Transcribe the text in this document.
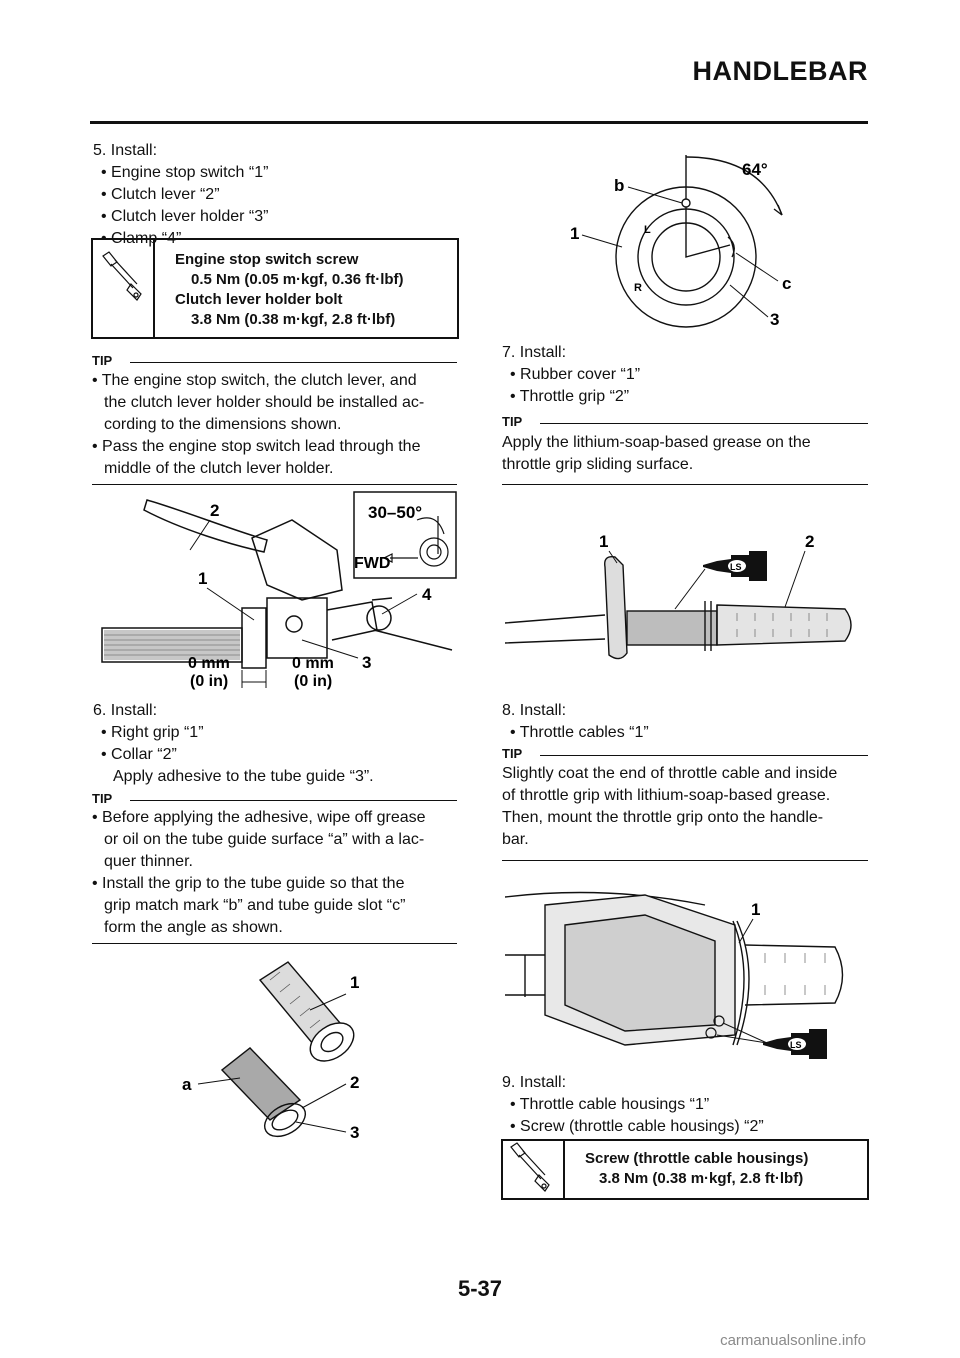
HANDLEBAR
5. Install:
• Engine stop switch “1”
• Clutch lever “2”
• Clutch lever holder “3”
• Clamp “4”
Engine stop switch screw
0.5 Nm (0.05 m·kgf, 0.36 ft·lbf)
Clutch lever holder bolt
3.8 Nm (0.38 m·kgf, 2.8 ft·lbf)
TIP
• The engine stop switch, the clutch lever, and
the clutch lever holder should be installed ac-
cording to the dimensions shown.
• Pass the engine stop switch lead through the
middle of the clutch lever holder.
30–50°
FWD
2
1
4
3
0 mm
(0 in)
0 mm
(0 in)
6. Install:
• Right grip “1”
• Collar “2”
Apply adhesive to the tube guide “3”.
TIP
• Before applying the adhesive, wipe off grease
or oil on the tube guide surface “a” with a lac-
quer thinner.
• Install the grip to the tube guide so that the
grip match mark “b” and tube guide slot “c”
form the angle as shown.
1
a	2
3
64°
b
1
c
3
L
R
7. Install:
• Rubber cover “1”
• Throttle grip “2”
TIP
Apply the lithium-soap-based grease on the
throttle grip sliding surface.
LS
1	2
8. Install:
• Throttle cables “1”
TIP
Slightly coat the end of throttle cable and inside
of throttle grip with lithium-soap-based grease.
Then, mount the throttle grip onto the handle-
bar.
LS
1
9. Install:
• Throttle cable housings “1”
• Screw (throttle cable housings) “2”
Screw (throttle cable housings)
3.8 Nm (0.38 m·kgf, 2.8 ft·lbf)
5-37
carmanualsonline.info
